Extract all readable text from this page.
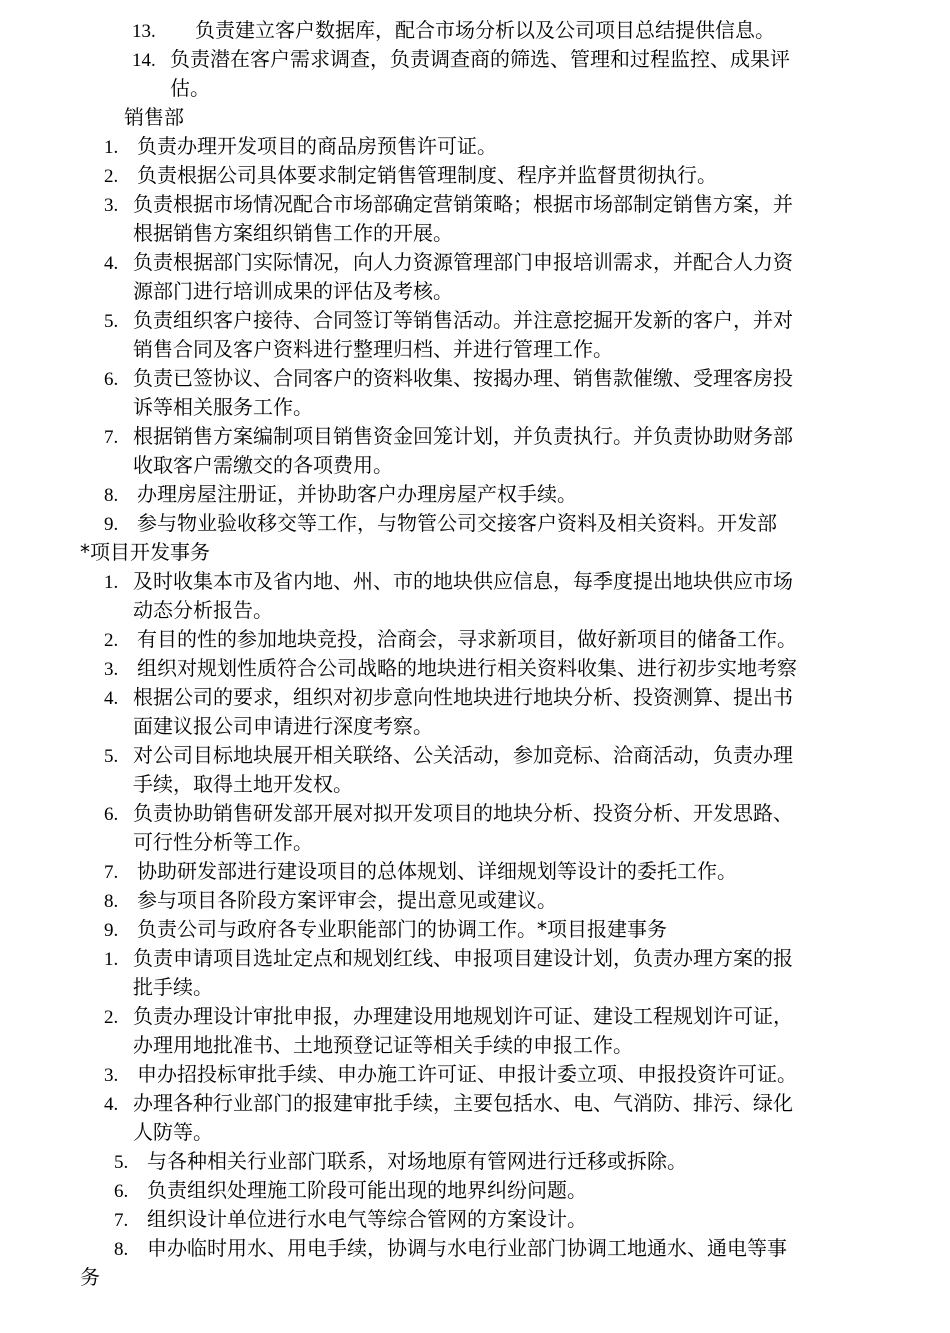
13.	负责建立客户数据库，配合市场分析以及公司项目总结提供信息。
14. 负责潜在客户需求调查，负责调查商的筛选、管理和过程监控、成果评
估。
销售部
1. 负责办理开发项目的商品房预售许可证。
2. 负责根据公司具体要求制定销售管理制度、程序并监督贯彻执行。
3. 负责根据市场情况配合市场部确定营销策略；根据市场部制定销售方案，并
根据销售方案组织销售工作的开展。
4. 负责根据部门实际情况，向人力资源管理部门申报培训需求，并配合人力资
源部门进行培训成果的评估及考核。
5. 负责组织客户接待、合同签订等销售活动。并注意挖掘开发新的客户，并对
销售合同及客户资料进行整理归档、并进行管理工作。
6. 负责已签协议、合同客户的资料收集、按揭办理、销售款催缴、受理客房投
诉等相关服务工作。
7. 根据销售方案编制项目销售资金回笼计划，并负责执行。并负责协助财务部
收取客户需缴交的各项费用。
8. 办理房屋注册证，并协助客户办理房屋产权手续。
9. 参与物业验收移交等工作，与物管公司交接客户资料及相关资料。开发部
*项目开发事务
1. 及时收集本市及省内地、州、市的地块供应信息，每季度提出地块供应市场
动态分析报告。
2. 有目的性的参加地块竞投，洽商会，寻求新项目，做好新项目的储备工作。
3. 组织对规划性质符合公司战略的地块进行相关资料收集、进行初步实地考察
4. 根据公司的要求，组织对初步意向性地块进行地块分析、投资测算、提出书
面建议报公司申请进行深度考察。
5. 对公司目标地块展开相关联络、公关活动，参加竞标、洽商活动，负责办理
手续，取得土地开发权。
6. 负责协助销售研发部开展对拟开发项目的地块分析、投资分析、开发思路、
可行性分析等工作。
7. 协助研发部进行建设项目的总体规划、详细规划等设计的委托工作。
8. 参与项目各阶段方案评审会，提出意见或建议。
9. 负责公司与政府各专业职能部门的协调工作。*项目报建事务
1. 负责申请项目选址定点和规划红线、申报项目建设计划，负责办理方案的报
批手续。
2. 负责办理设计审批申报，办理建设用地规划许可证、建设工程规划许可证，
办理用地批准书、土地预登记证等相关手续的申报工作。
3. 申办招投标审批手续、申办施工许可证、申报计委立项、申报投资许可证。
4. 办理各种行业部门的报建审批手续，主要包括水、电、气消防、排污、绿化
人防等。
5. 与各种相关行业部门联系，对场地原有管网进行迁移或拆除。
6. 负责组织处理施工阶段可能出现的地界纠纷问题。
7. 组织设计单位进行水电气等综合管网的方案设计。
8. 申办临时用水、用电手续，协调与水电行业部门协调工地通水、通电等事
务
